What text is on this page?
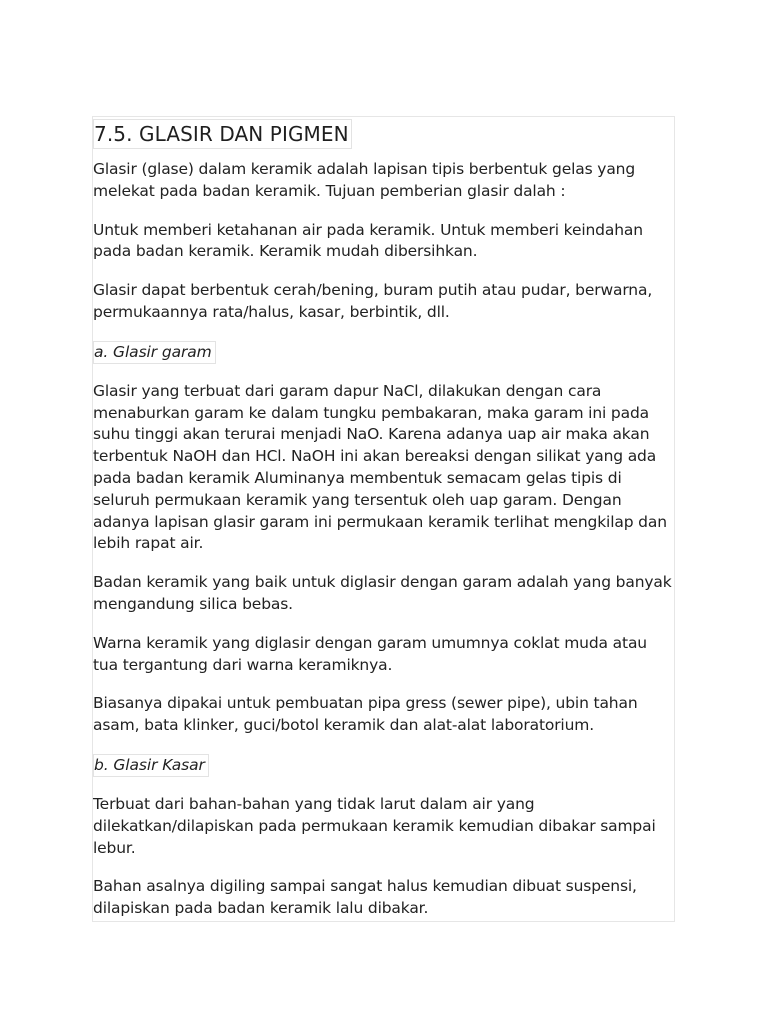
7.5. GLASIR DAN PIGMEN

Glasir (glase) dalam keramik adalah lapisan tipis berbentuk gelas yang melekat pada badan keramik. Tujuan pemberian glasir dalah :

Untuk memberi ketahanan air pada keramik. Untuk memberi keindahan pada badan keramik. Keramik mudah dibersihkan.

Glasir dapat berbentuk cerah/bening, buram putih atau pudar, berwarna, permukaannya rata/halus, kasar, berbintik, dll.

a. Glasir garam

Glasir yang terbuat dari garam dapur NaCl, dilakukan dengan cara menaburkan garam ke dalam tungku pembakaran, maka garam ini pada suhu tinggi akan terurai menjadi NaO. Karena adanya uap air maka akan terbentuk NaOH dan HCl. NaOH ini akan bereaksi dengan silikat yang ada pada badan keramik Aluminanya membentuk semacam gelas tipis di seluruh permukaan keramik yang tersentuk oleh uap garam. Dengan adanya lapisan glasir garam ini permukaan keramik terlihat mengkilap dan lebih rapat air.

Badan keramik yang baik untuk diglasir dengan garam adalah yang banyak mengandung silica bebas.

Warna keramik yang diglasir dengan garam umumnya coklat muda atau tua tergantung dari warna keramiknya.

Biasanya dipakai untuk pembuatan pipa gress (sewer pipe), ubin tahan asam, bata klinker, guci/botol keramik dan alat-alat laboratorium.

b. Glasir Kasar

Terbuat dari bahan-bahan yang tidak larut dalam air yang dilekatkan/dilapiskan pada permukaan keramik kemudian dibakar sampai lebur.

Bahan asalnya digiling sampai sangat halus kemudian dibuat suspensi, dilapiskan pada badan keramik lalu dibakar.
